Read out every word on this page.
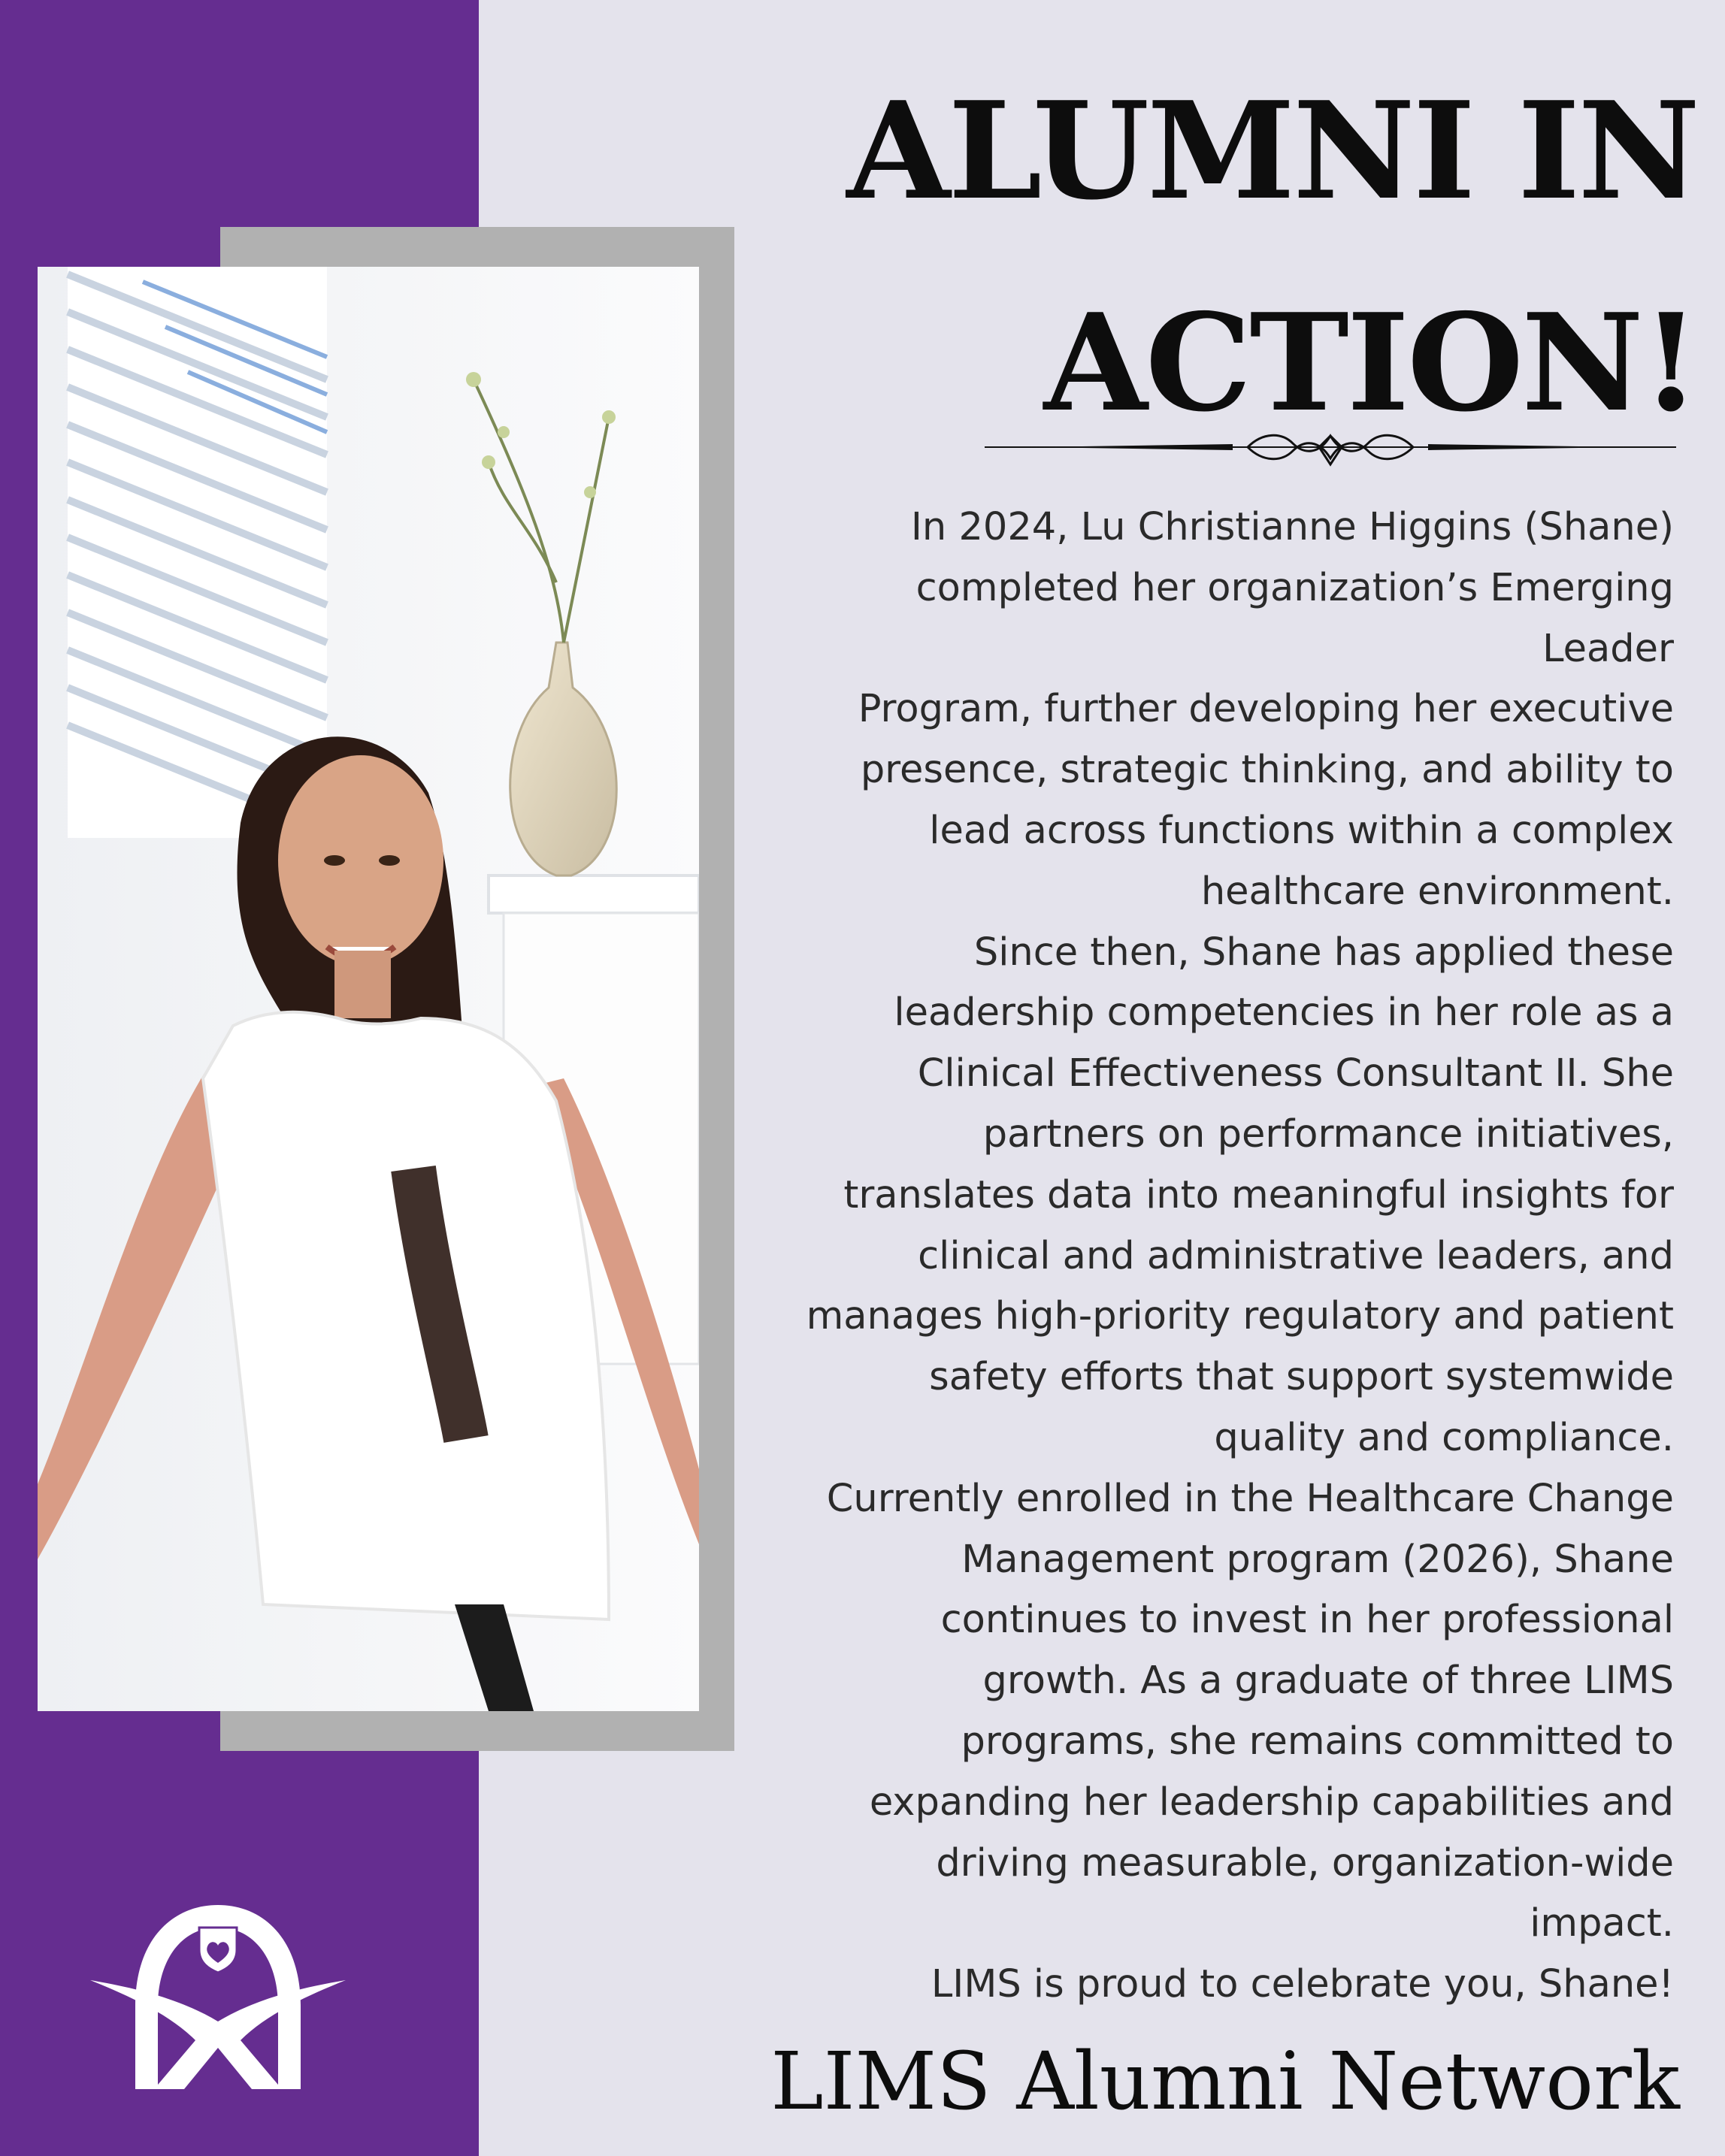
ALUMNI IN
ACTION!

In 2024, Lu Christianne Higgins (Shane)

completed her organization’s Emerging

Leader

Program, further developing her executive

presence, strategic thinking, and ability to

lead across functions within a complex

healthcare environment.

Since then, Shane has applied these

leadership competencies in her role as a

Clinical Effectiveness Consultant II. She

partners on performance initiatives,

translates data into meaningful insights for

clinical and administrative leaders, and

manages high-priority regulatory and patient

safety efforts that support systemwide

quality and compliance.

Currently enrolled in the Healthcare Change

Management program (2026), Shane

continues to invest in her professional

growth. As a graduate of three LIMS

programs, she remains committed to

expanding her leadership capabilities and

driving measurable, organization-wide

impact.

LIMS is proud to celebrate you, Shane!

LIMS Alumni Network
